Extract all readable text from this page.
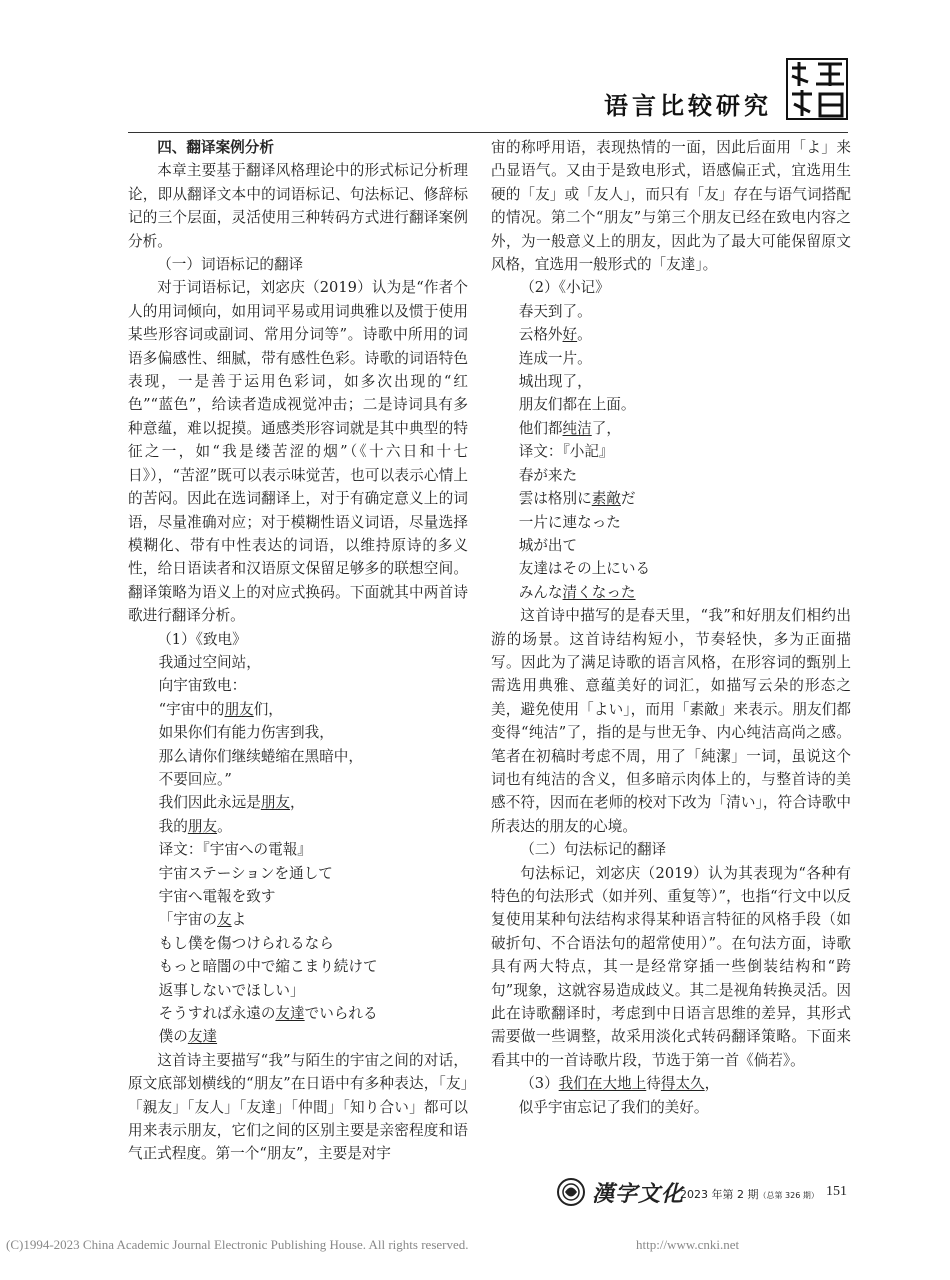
语言比较研究

四、翻译案例分析

本章主要基于翻译风格理论中的形式标记分析理论，即从翻译文本中的词语标记、句法标记、修辞标记的三个层面，灵活使用三种转码方式进行翻译案例分析。

（一）词语标记的翻译

对于词语标记，刘宓庆（2019）认为是“作者个人的用词倾向，如用词平易或用词典雅以及惯于使用某些形容词或副词、常用分词等”。诗歌中所用的词语多偏感性、细腻，带有感性色彩。诗歌的词语特色表现，一是善于运用色彩词，如多次出现的“红色”“蓝色”，给读者造成视觉冲击；二是诗词具有多种意蕴，难以捉摸。通感类形容词就是其中典型的特征之一，如“我是缕苦涩的烟”（《十六日和十七日》），“苦涩”既可以表示味觉苦，也可以表示心情上的苦闷。因此在选词翻译上，对于有确定意义上的词语，尽量准确对应；对于模糊性语义词语，尽量选择模糊化、带有中性表达的词语，以维持原诗的多义性，给日语读者和汉语原文保留足够多的联想空间。翻译策略为语义上的对应式换码。下面就其中两首诗歌进行翻译分析。

（1）《致电》

我通过空间站，

向宇宙致电：

“宇宙中的朋友们，

如果你们有能力伤害到我，

那么请你们继续蜷缩在黑暗中，

不要回应。”

我们因此永远是朋友，

我的朋友。

译文：『宇宙への電報』

宇宙ステーションを通して

宇宙へ電報を致す

「宇宙の友よ

もし僕を傷つけられるなら

もっと暗闇の中で縮こまり続けて

返事しないでほしい」

そうすれば永遠の友達でいられる

僕の友達

这首诗主要描写“我”与陌生的宇宙之间的对话，原文底部划横线的“朋友”在日语中有多种表达，「友」「親友」「友人」「友達」「仲間」「知り合い」都可以用来表示朋友，它们之间的区别主要是亲密程度和语气正式程度。第一个“朋友”，主要是对宇

宙的称呼用语，表现热情的一面，因此后面用「よ」来凸显语气。又由于是致电形式，语感偏正式，宜选用生硬的「友」或「友人」，而只有「友」存在与语气词搭配的情况。第二个“朋友”与第三个朋友已经在致电内容之外，为一般意义上的朋友，因此为了最大可能保留原文风格，宜选用一般形式的「友達」。

（2）《小记》

春天到了。

云格外好。

连成一片。

城出现了，

朋友们都在上面。

他们都纯洁了，

译文：『小記』

春が来た

雲は格別に素敵だ

一片に連なった

城が出て

友達はその上にいる

みんな清くなった

这首诗中描写的是春天里，“我”和好朋友们相约出游的场景。这首诗结构短小，节奏轻快，多为正面描写。因此为了满足诗歌的语言风格，在形容词的甄别上需选用典雅、意蕴美好的词汇，如描写云朵的形态之美，避免使用「よい」，而用「素敵」来表示。朋友们都变得“纯洁”了，指的是与世无争、内心纯洁高尚之感。笔者在初稿时考虑不周，用了「純潔」一词，虽说这个词也有纯洁的含义，但多暗示肉体上的，与整首诗的美感不符，因而在老师的校对下改为「清い」，符合诗歌中所表达的朋友的心境。

（二）句法标记的翻译

句法标记，刘宓庆（2019）认为其表现为“各种有特色的句法形式（如并列、重复等）”，也指“行文中以反复使用某种句法结构求得某种语言特征的风格手段（如破折句、不合语法句的超常使用）”。在句法方面，诗歌具有两大特点，其一是经常穿插一些倒装结构和“跨句”现象，这就容易造成歧义。其二是视角转换灵活。因此在诗歌翻译时，考虑到中日语言思维的差异，其形式需要做一些调整，故采用淡化式转码翻译策略。下面来看其中的一首诗歌片段，节选于第一首《倘若》。

（3）我们在大地上待得太久，

似乎宇宙忘记了我们的美好。

漢字文化
2023 年第 2 期（总第 326 期） 151
(C)1994-2023 China Academic Journal Electronic Publishing House. All rights reserved.	http://www.cnki.net
